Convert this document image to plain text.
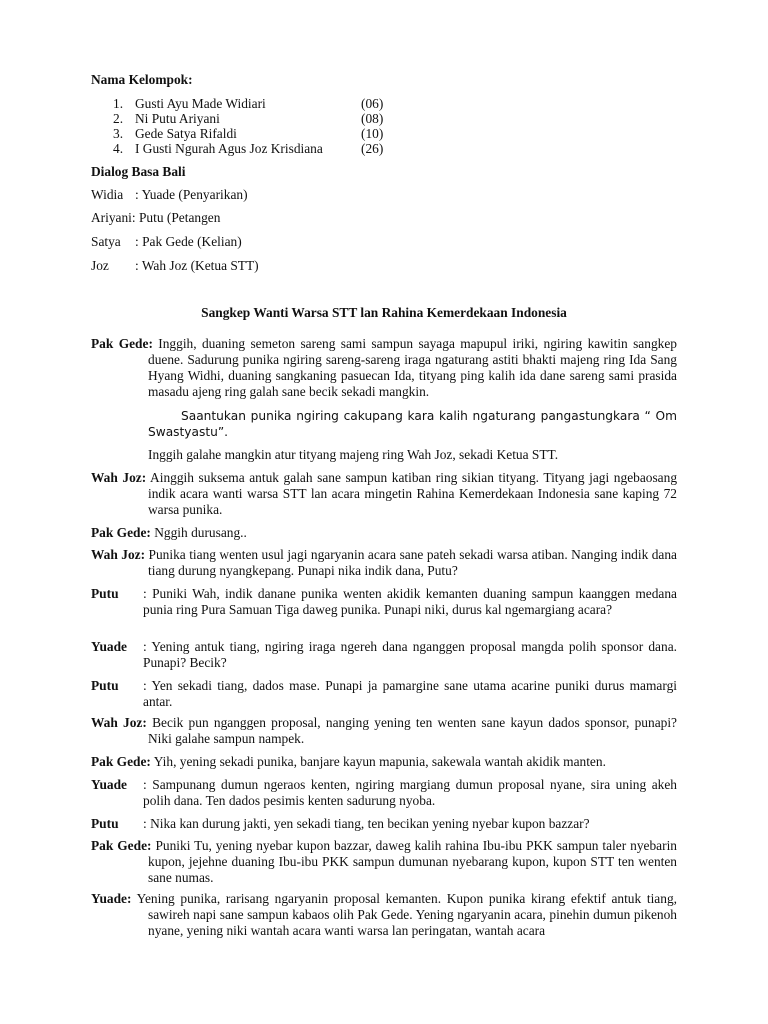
Nama Kelompok:
1. Gusti Ayu Made Widiari	(06)
2. Ni Putu Ariyani	(08)
3. Gede Satya Rifaldi	(10)
4. I Gusti Ngurah Agus Joz Krisdiana	(26)
Dialog Basa Bali
Widia : Yuade (Penyarikan)
Ariyani: Putu (Petangen
Satya : Pak Gede (Kelian)
Joz : Wah Joz (Ketua STT)
Sangkep Wanti Warsa STT lan Rahina Kemerdekaan Indonesia
Pak Gede: Inggih, duaning semeton sareng sami sampun sayaga mapupul iriki, ngiring kawitin sangkep duene. Sadurung punika ngiring sareng-sareng iraga ngaturang astiti bhakti majeng ring Ida Sang Hyang Widhi, duaning sangkaning pasuecan Ida, tityang ping kalih ida dane sareng sami prasida masadu ajeng ring galah sane becik sekadi mangkin.
Saantukan punika ngiring cakupang kara kalih ngaturang pangastungkara “ Om Swastyastu”.
Inggih galahe mangkin atur tityang majeng ring Wah Joz, sekadi Ketua STT.
Wah Joz: Ainggih suksema antuk galah sane sampun katiban ring sikian tityang. Tityang jagi ngebaosang indik acara wanti warsa STT lan acara mingetin Rahina Kemerdekaan Indonesia sane kaping 72 warsa punika.
Pak Gede: Nggih durusang..
Wah Joz: Punika tiang wenten usul jagi ngaryanin acara sane pateh sekadi warsa atiban. Nanging indik dana tiang durung nyangkepang. Punapi nika indik dana, Putu?
Putu : Puniki Wah, indik danane punika wenten akidik kemanten duaning sampun kaanggen medana punia ring Pura Samuan Tiga daweg punika. Punapi niki, durus kal ngemargiang acara?
Yuade : Yening antuk tiang, ngiring iraga ngereh dana nganggen proposal mangda polih sponsor dana. Punapi? Becik?
Putu : Yen sekadi tiang, dados mase. Punapi ja pamargine sane utama acarine puniki durus mamargi antar.
Wah Joz: Becik pun nganggen proposal, nanging yening ten wenten sane kayun dados sponsor, punapi? Niki galahe sampun nampek.
Pak Gede: Yih, yening sekadi punika, banjare kayun mapunia, sakewala wantah akidik manten.
Yuade : Sampunang dumun ngeraos kenten, ngiring margiang dumun proposal nyane, sira uning akeh polih dana. Ten dados pesimis kenten sadurung nyoba.
Putu : Nika kan durung jakti, yen sekadi tiang, ten becikan yening nyebar kupon bazzar?
Pak Gede: Puniki Tu, yening nyebar kupon bazzar, daweg kalih rahina Ibu-ibu PKK sampun taler nyebarin kupon, jejehne duaning Ibu-ibu PKK sampun dumunan nyebarang kupon, kupon STT ten wenten sane numas.
Yuade: Yening punika, rarisang ngaryanin proposal kemanten. Kupon punika kirang efektif antuk tiang, sawireh napi sane sampun kabaos olih Pak Gede. Yening ngaryanin acara, pinehin dumun pikenoh nyane, yening niki wantah acara wanti warsa lan peringatan, wantah acara
